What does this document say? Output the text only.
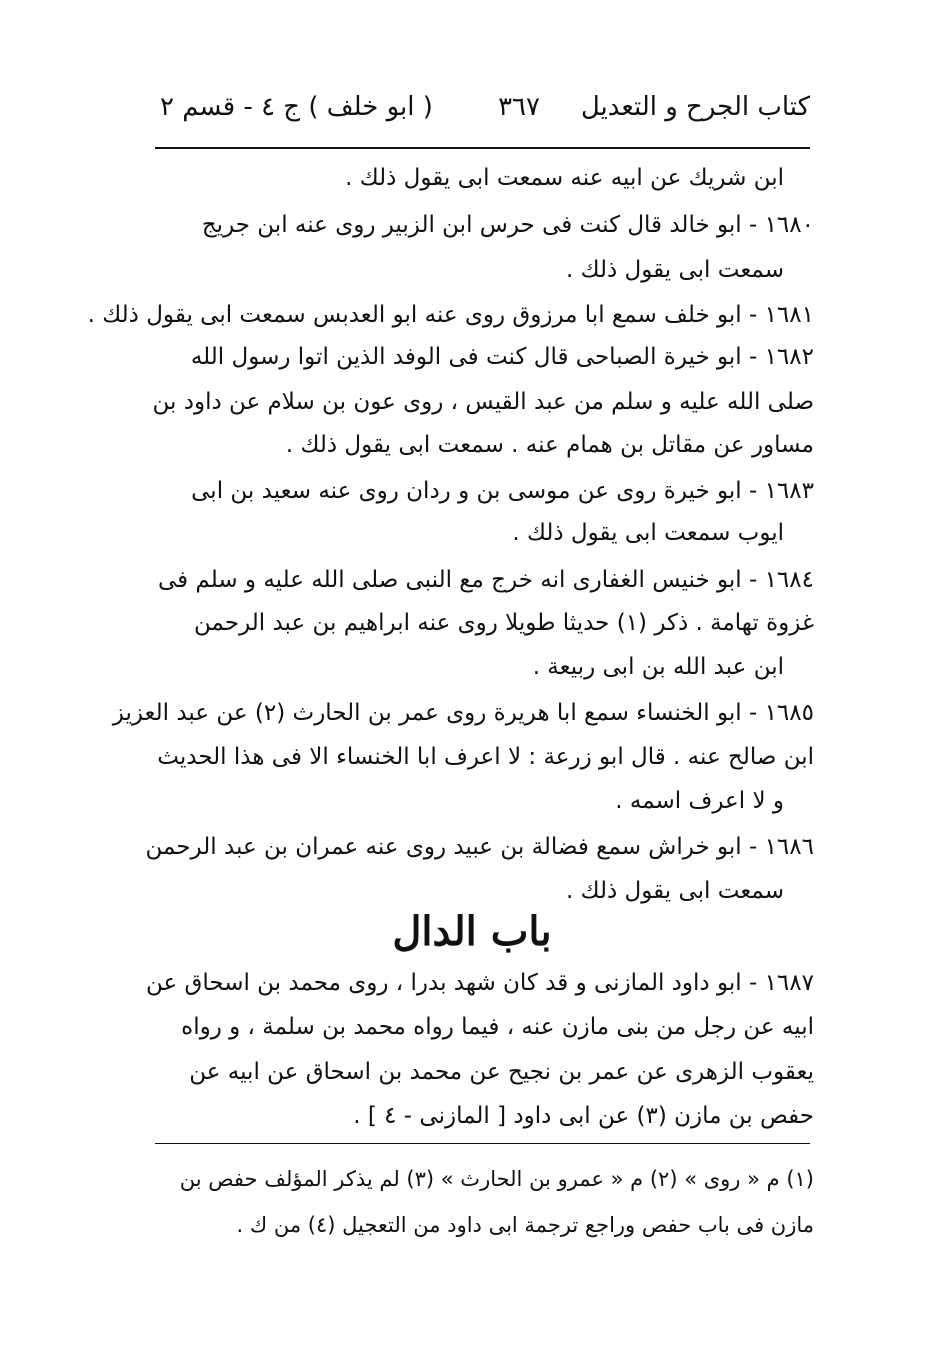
كتاب الجرح و التعديل
٣٦٧
( ابو خلف ) ج ٤ - قسم ٢
ابن شريك عن ابيه عنه سمعت ابى يقول ذلك .
١٦٨٠ - ابو خالد قال كنت فى حرس ابن الزبير روى عنه ابن جريج
سمعت ابى يقول ذلك .
١٦٨١ - ابو خلف سمع ابا مرزوق روى عنه ابو العدبس سمعت ابى يقول ذلك .
١٦٨٢ - ابو خيرة الصباحى قال كنت فى الوفد الذين اتوا رسول الله
صلى الله عليه و سلم من عبد القيس ، روى عون بن سلام عن داود بن
مساور عن مقاتل بن همام عنه . سمعت ابى يقول ذلك .
١٦٨٣ - ابو خيرة روى عن موسى بن و ردان روى عنه سعيد بن ابى
ايوب سمعت ابى يقول ذلك .
١٦٨٤ - ابو خنيس الغفارى انه خرج مع النبى صلى الله عليه و سلم فى
غزوة تهامة . ذكر (١) حديثا طويلا روى عنه ابراهيم بن عبد الرحمن
ابن عبد الله بن ابى ربيعة .
١٦٨٥ - ابو الخنساء سمع ابا هريرة روى عمر بن الحارث (٢) عن عبد العزيز
ابن صالح عنه . قال ابو زرعة : لا اعرف ابا الخنساء الا فى هذا الحديث
و لا اعرف اسمه .
١٦٨٦ - ابو خراش سمع فضالة بن عبيد روى عنه عمران بن عبد الرحمن
سمعت ابى يقول ذلك .
باب الدال
١٦٨٧ - ابو داود المازنى و قد كان شهد بدرا ، روى محمد بن اسحاق عن
ابيه عن رجل من بنى مازن عنه ، فيما رواه محمد بن سلمة ، و رواه
يعقوب الزهرى عن عمر بن نجيح عن محمد بن اسحاق عن ابيه عن
حفص بن مازن (٣) عن ابى داود [ المازنى - ٤ ] .
(١) م « روى » (٢) م « عمرو بن الحارث » (٣) لم يذكر المؤلف حفص بن
مازن فى باب حفص وراجع ترجمة ابى داود من التعجيل (٤) من ك .
